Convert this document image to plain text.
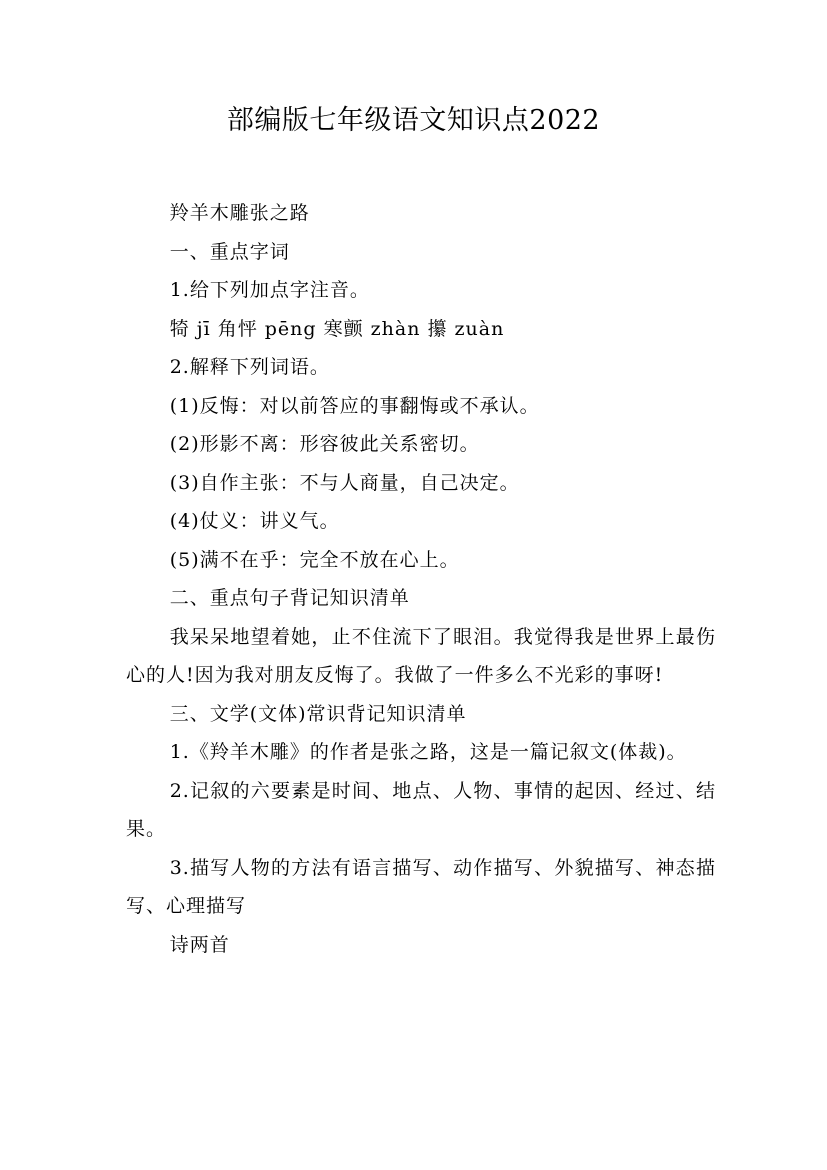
部编版七年级语文知识点2022

羚羊木雕张之路

一、重点字词

1.给下列加点字注音。

犄 jī 角怦 pēng 寒颤 zhàn 攥 zuàn

2.解释下列词语。

(1)反悔：对以前答应的事翻悔或不承认。

(2)形影不离：形容彼此关系密切。

(3)自作主张：不与人商量，自己决定。

(4)仗义：讲义气。

(5)满不在乎：完全不放在心上。

二、重点句子背记知识清单

我呆呆地望着她，止不住流下了眼泪。我觉得我是世界上最伤心的人!因为我对朋友反悔了。我做了一件多么不光彩的事呀!

三、文学(文体)常识背记知识清单

1.《羚羊木雕》的作者是张之路，这是一篇记叙文(体裁)。

2.记叙的六要素是时间、地点、人物、事情的起因、经过、结果。

3.描写人物的方法有语言描写、动作描写、外貌描写、神态描写、心理描写

诗两首
